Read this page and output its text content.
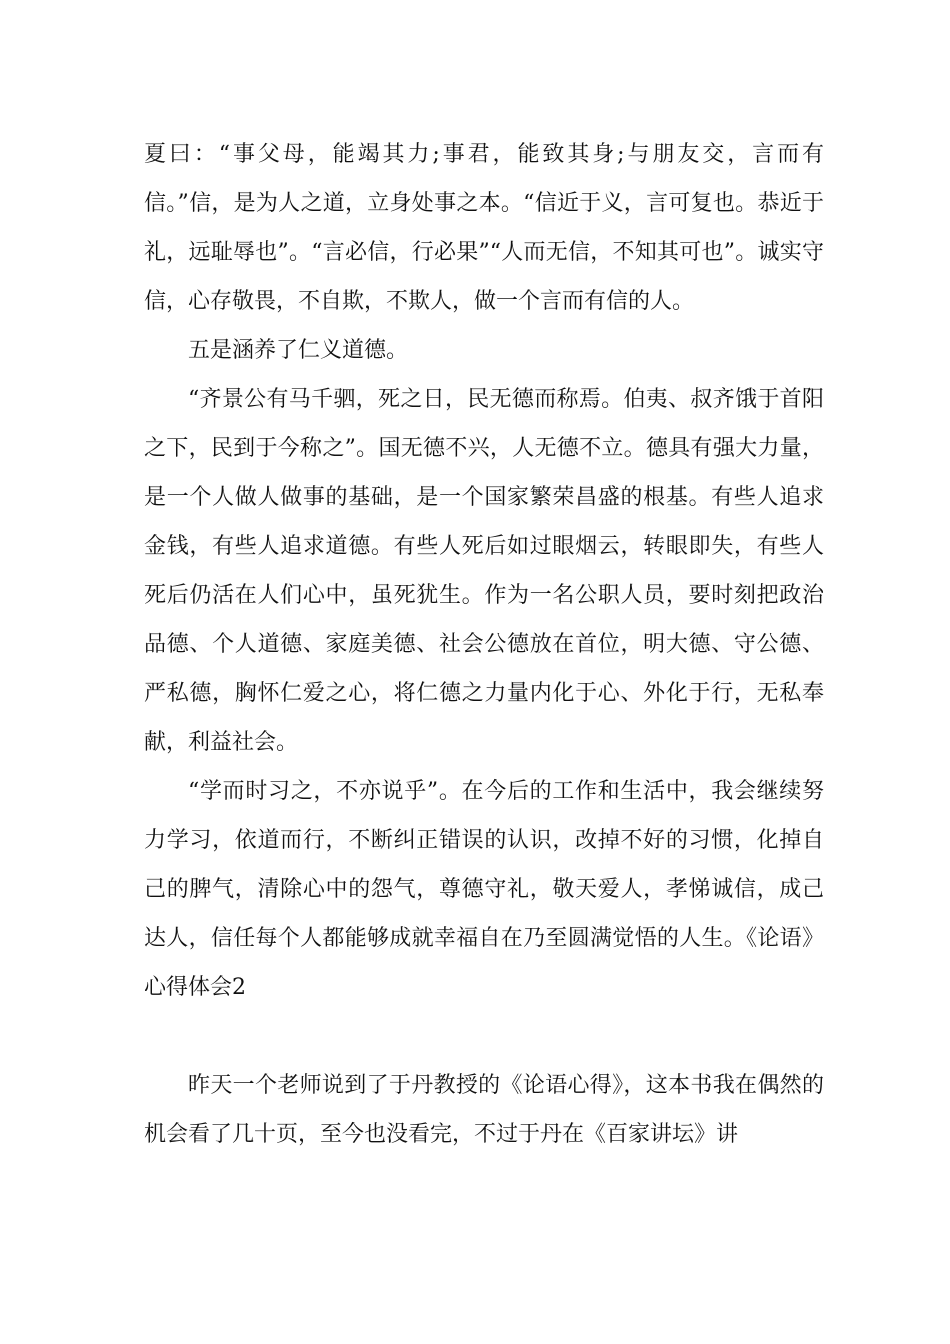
夏曰：“事父母，能竭其力;事君，能致其身;与朋友交，言而有信。”信，是为人之道，立身处事之本。“信近于义，言可复也。恭近于礼，远耻辱也”。“言必信，行必果”“人而无信，不知其可也”。诚实守信，心存敬畏，不自欺，不欺人，做一个言而有信的人。

五是涵养了仁义道德。

“齐景公有马千驷，死之日，民无德而称焉。伯夷、叔齐饿于首阳之下，民到于今称之”。国无德不兴，人无德不立。德具有强大力量，是一个人做人做事的基础，是一个国家繁荣昌盛的根基。有些人追求金钱，有些人追求道德。有些人死后如过眼烟云，转眼即失，有些人死后仍活在人们心中，虽死犹生。作为一名公职人员，要时刻把政治品德、个人道德、家庭美德、社会公德放在首位，明大德、守公德、严私德，胸怀仁爱之心，将仁德之力量内化于心、外化于行，无私奉献，利益社会。

“学而时习之，不亦说乎”。在今后的工作和生活中，我会继续努力学习，依道而行，不断纠正错误的认识，改掉不好的习惯，化掉自己的脾气，清除心中的怨气，尊德守礼，敬天爱人，孝悌诚信，成己达人，信任每个人都能够成就幸福自在乃至圆满觉悟的人生。《论语》心得体会2

昨天一个老师说到了于丹教授的《论语心得》，这本书我在偶然的机会看了几十页，至今也没看完，不过于丹在《百家讲坛》讲
